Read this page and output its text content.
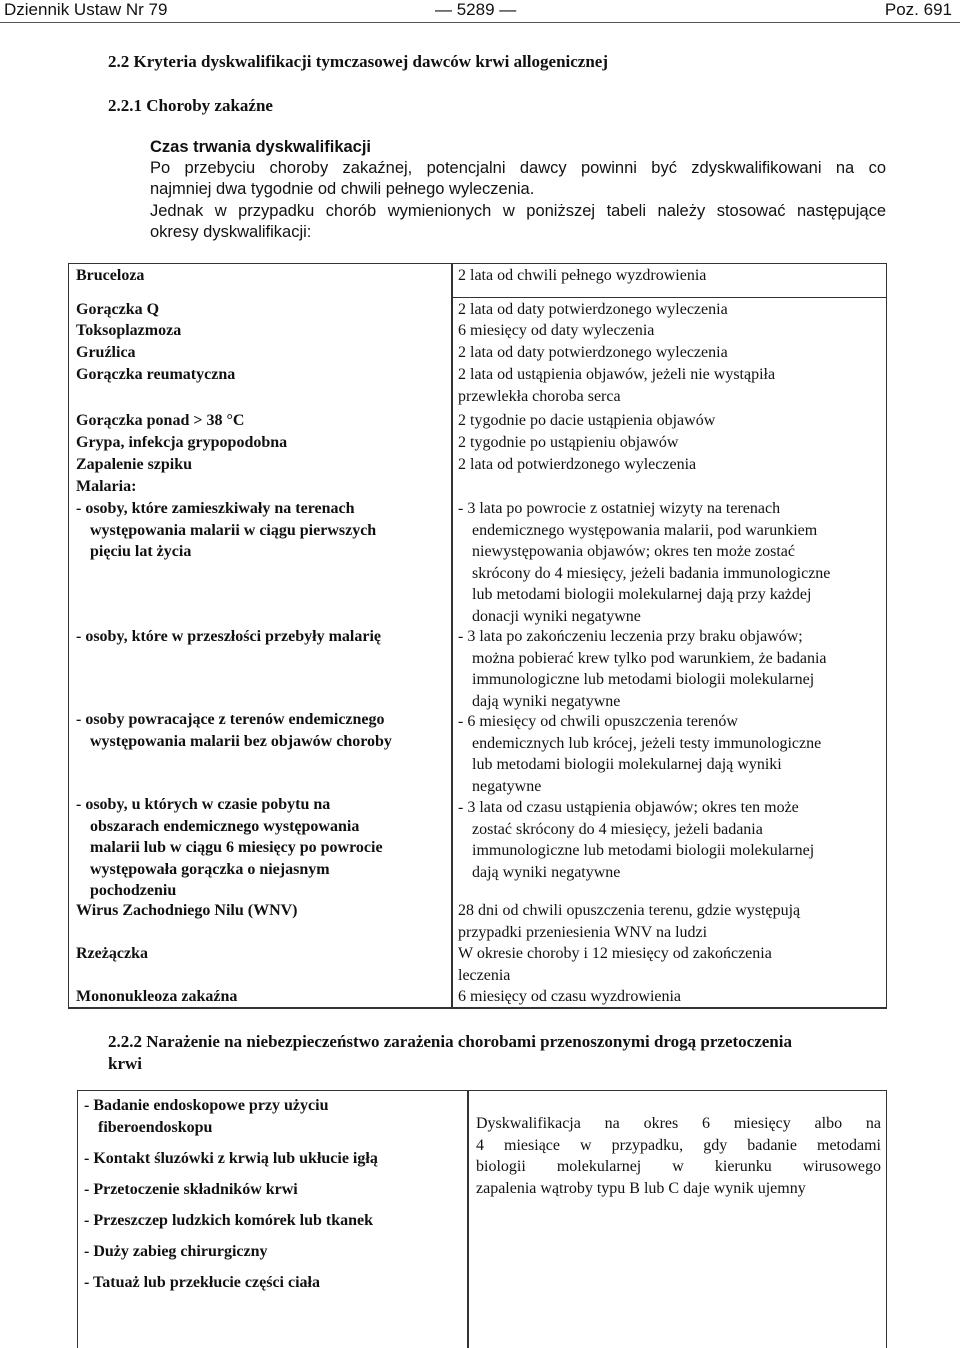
Dziennik Ustaw Nr 79	— 5289 —	Poz. 691
2.2 Kryteria dyskwalifikacji tymczasowej dawców krwi allogenicznej
2.2.1 Choroby zakaźne
Czas trwania dyskwalifikacji
Po przebyciu choroby zakaźnej, potencjalni dawcy powinni być zdyskwalifikowani na co
najmniej dwa tygodnie od chwili pełnego wyleczenia.
Jednak w przypadku chorób wymienionych w poniższej tabeli należy stosować następujące
okresy dyskwalifikacji:
Bruceloza
Gorączka Q
Toksoplazmoza
Gruźlica
Gorączka reumatyczna
Gorączka ponad > 38 °C
Grypa, infekcja grypopodobna
Zapalenie szpiku
Malaria:
- osoby, które zamieszkiwały na terenach
występowania malarii w ciągu pierwszych
pięciu lat życia
- osoby, które w przeszłości przebyły malarię
- osoby powracające z terenów endemicznego
występowania malarii bez objawów choroby
- osoby, u których w czasie pobytu na
obszarach endemicznego występowania
malarii lub w ciągu 6 miesięcy po powrocie
występowała gorączka o niejasnym
pochodzeniu
Wirus Zachodniego Nilu (WNV)
Rzeżączka
Mononukleoza zakaźna
2 lata od chwili pełnego wyzdrowienia
2 lata od daty potwierdzonego wyleczenia
6 miesięcy od daty wyleczenia
2 lata od daty potwierdzonego wyleczenia
2 lata od ustąpienia objawów, jeżeli nie wystąpiła
przewlekła choroba serca
2 tygodnie po dacie ustąpienia objawów
2 tygodnie po ustąpieniu objawów
2 lata od potwierdzonego wyleczenia
- 3 lata po powrocie z ostatniej wizyty na terenach
endemicznego występowania malarii, pod warunkiem
niewystępowania objawów; okres ten może zostać
skrócony do 4 miesięcy, jeżeli badania immunologiczne
lub metodami biologii molekularnej dają przy każdej
donacji wyniki negatywne
- 3 lata po zakończeniu leczenia przy braku objawów;
można pobierać krew tylko pod warunkiem, że badania
immunologiczne lub metodami biologii molekularnej
dają wyniki negatywne
- 6 miesięcy od chwili opuszczenia terenów
endemicznych lub krócej, jeżeli testy immunologiczne
lub metodami biologii molekularnej dają wyniki
negatywne
- 3 lata od czasu ustąpienia objawów; okres ten może
zostać skrócony do 4 miesięcy, jeżeli badania
immunologiczne lub metodami biologii molekularnej
dają wyniki negatywne
28 dni od chwili opuszczenia terenu, gdzie występują
przypadki przeniesienia WNV na ludzi
W okresie choroby i 12 miesięcy od zakończenia
leczenia
6 miesięcy od czasu wyzdrowienia
2.2.2 Narażenie na niebezpieczeństwo zarażenia chorobami przenoszonymi drogą przetoczenia
krwi
- Badanie endoskopowe przy użyciu
fiberoendoskopu
- Kontakt śluzówki z krwią lub ukłucie igłą
- Przetoczenie składników krwi
- Przeszczep ludzkich komórek lub tkanek
- Duży zabieg chirurgiczny
- Tatuaż lub przekłucie części ciała
Dyskwalifikacja na okres 6 miesięcy albo na
4 miesiące w przypadku, gdy badanie metodami
biologii molekularnej w kierunku wirusowego
zapalenia wątroby typu B lub C daje wynik ujemny
